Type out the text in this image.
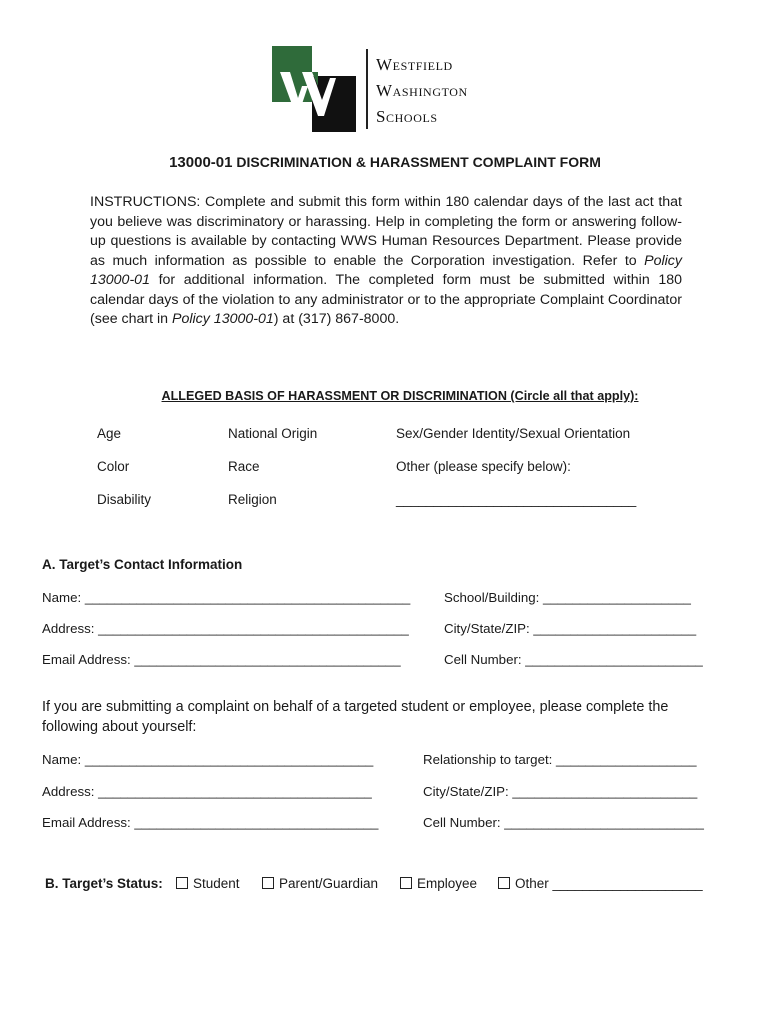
Westfield
Washington
Schools
13000-01 DISCRIMINATION & HARASSMENT COMPLAINT FORM
INSTRUCTIONS: Complete and submit this form within 180 calendar days of the last act that you believe was discriminatory or harassing. Help in completing the form or answering follow-up questions is available by contacting WWS Human Resources Department. Please provide as much information as possible to enable the Corporation investigation. Refer to Policy 13000-01 for additional information. The completed form must be submitted within 180 calendar days of the violation to any administrator or to the appropriate Complaint Coordinator (see chart in Policy 13000-01) at (317) 867-8000.
ALLEGED BASIS OF HARASSMENT OR DISCRIMINATION (Circle all that apply):
Age	National Origin	Sex/Gender Identity/Sexual Orientation
Color	Race	Other (please specify below):
Disability	Religion	________________________________
A. Target’s Contact Information
Name: ____________________________________________	School/Building: ____________________
Address: __________________________________________	City/State/ZIP: ______________________
Email Address: ____________________________________	Cell Number: ________________________
If you are submitting a complaint on behalf of a targeted student or employee, please complete the following about yourself:
Name: _______________________________________	Relationship to target: ___________________
Address: _____________________________________	City/State/ZIP: _________________________
Email Address: _________________________________	Cell Number: ___________________________
B. Target’s Status:	Student	Parent/Guardian	Employee	Other ____________________
